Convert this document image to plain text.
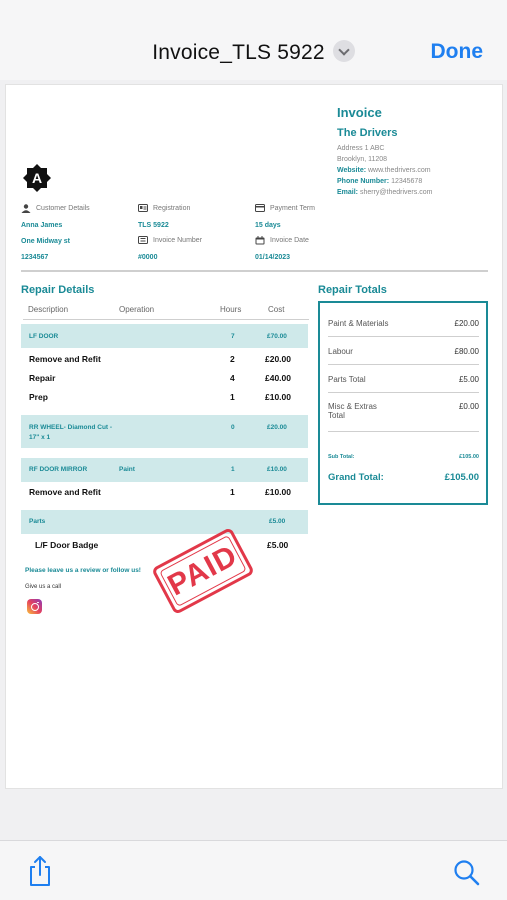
Invoice_TLS 5922	Done
Invoice
The Drivers
Address 1 ABC
Brooklyn, 11208
Website: www.thedrivers.com
Phone Number: 12345678
Email: sherry@thedrivers.com
A
Customer Details
Anna James
One Midway st
1234567
Registration
TLS 5922
Invoice Number
#0000
Payment Term
15 days
Invoice Date
01/14/2023
Repair Details
Description	Operation	Hours	Cost
LF DOOR	7	£70.00
Remove and Refit	2	£20.00
Repair	4	£40.00
Prep	1	£10.00
RR WHEEL- Diamond Cut -
17" x 1
0	£20.00
RF DOOR MIRROR	Paint	1	£10.00
Remove and Refit	1	£10.00
Parts	£5.00
L/F Door Badge	£5.00
Please leave us a review or follow us!
Give us a call	PAID
Repair Totals
Paint & Materials	£20.00
Labour	£80.00
Parts Total	£5.00
Misc & Extras	£0.00
Total
Sub Total:	£105.00
Grand Total:	£105.00
